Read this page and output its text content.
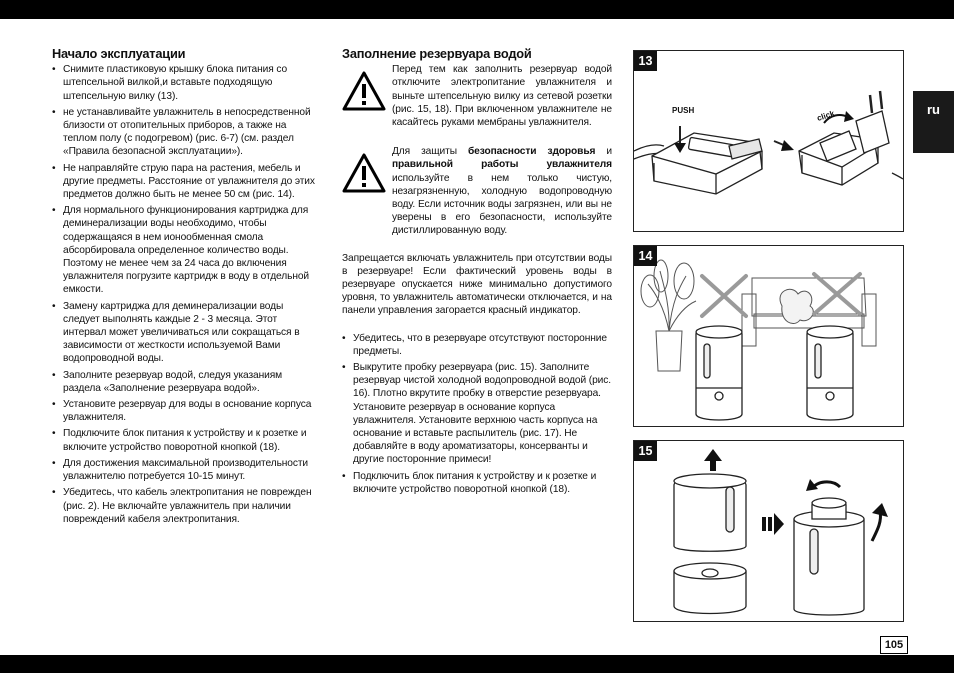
ru
Начало эксплуатации
• Снимите пластиковую крышку блока питания со штепсельной вилкой,и вставьте подходящую штепсельную вилку (13).
• не устанавливайте увлажнитель в непосредственной близости от отопительных приборов, а также на теплом полу (с подогревом) (рис. 6-7) (см. раздел «Правила безопасной эксплуатации»).
• Не направляйте струю пара на растения, мебель и другие предметы. Расстояние от увлажнителя до этих предметов должно быть не менее 50 см (рис. 14).
• Для нормального функционирования картриджа для деминерализации воды необходимо, чтобы содержащаяся в нем ионообменная смола абсорбировала определенное количество воды. Поэтому не менее чем за 24 часа до включения увлажнителя погрузите картридж в воду в отдельной емкости.
• Замену картриджа для деминерализации воды следует выполнять каждые 2 - 3 месяца. Этот интервал может увеличиваться или сокращаться в зависимости от жесткости используемой Вами водопроводной воды.
• Заполните резервуар водой, следуя указаниям раздела «Заполнение резервуара водой».
• Установите резервуар для воды в основание корпуса увлажнителя.
• Подключите блок питания к устройству и к розетке и включите устройство поворотной кнопкой (18).
• Для достижения максимальной производительности увлажнителю потребуется 10-15 минут.
• Убедитесь, что кабель электропитания не поврежден (рис. 2). Не включайте увлажнитель при наличии повреждений кабеля электропитания.
Заполнение резервуара водой
Перед тем как заполнить резервуар водой отключите электропитание увлажнителя и выньте штепсельную вилку из сетевой розетки (рис. 15, 18). При включенном увлажнителе не касайтесь руками мембраны увлажнителя.
Для защиты безопасности здоровья и правильной работы увлажнителя используйте в нем только чистую, незагрязненную, холодную водопроводную воду. Если источник воды загрязнен, или вы не уверены в его безопасности, используйте дистиллированную воду.
Запрещается включать увлажнитель при отсутствии воды в резервуаре! Если фактический уровень воды в резервуаре опускается ниже минимально допустимого уровня, то увлажнитель автоматически отключается, и на панели управления загорается красный индикатор.
• Убедитесь, что в резервуаре отсутствуют посторонние предметы.
• Выкрутите пробку резервуара (рис. 15). Заполните резервуар чистой холодной водопроводной водой (рис. 16). Плотно вкрутите пробку в отверстие резервуара. Установите резервуар в основание корпуса увлажнителя. Установите верхнюю часть корпуса на основание и вставьте распылитель (рис. 17). Не добавляйте в воду ароматизаторы, консерванты и другие посторонние примеси!
• Подключить блок питания к устройству и к розетке и включите устройство поворотной кнопкой (18).
PUSH	click
13
14
15
105
